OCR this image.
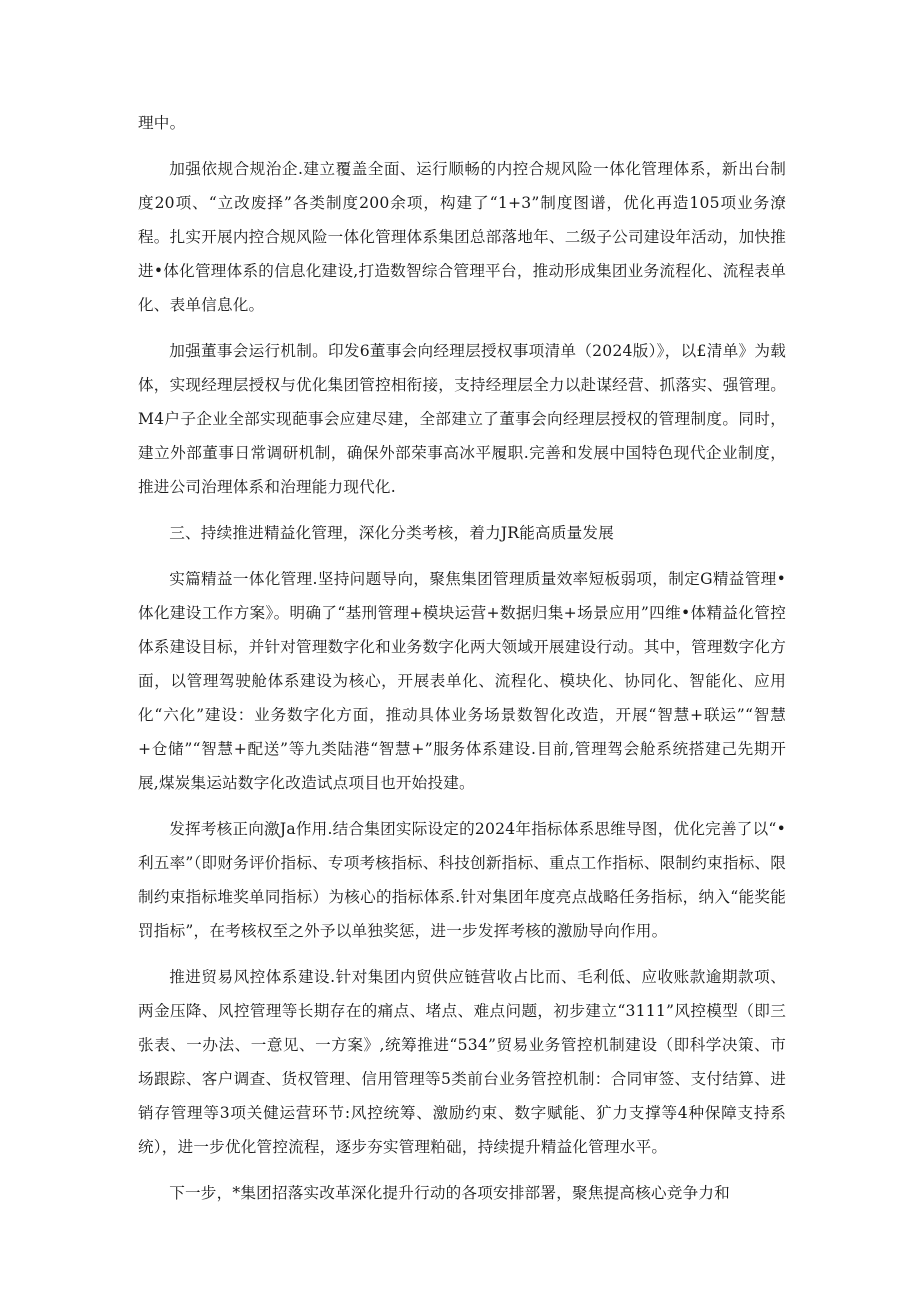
理中。

加强依规合规治企.建立覆盖全面、运行顺畅的内控合规风险一体化管理体系，新出台制度20项、“立改废择”各类制度200余项，构建了“1+3”制度图谱，优化再造105项业务潦程。扎实开展内控合规风险一体化管理体系集团总部落地年、二级子公司建设年活动，加快推进•体化管理体系的信息化建设,打造数智综合管理平台，推动形成集团业务流程化、流程表单化、表单信息化。

加强董事会运行机制。印发6董事会向经理层授权事项清单（2024版）》，以£清单》为载体，实现经理层授权与优化集团管控相衔接，支持经理层全力以赴谋经营、抓落实、强管理。M4户子企业全部实现葩事会应建尽建，全部建立了董事会向经理层授权的管理制度。同时，建立外部董事日常调研机制，确保外部荣事高冰平履职.完善和发展中国特色现代企业制度，推进公司治理体系和治理能力现代化.

三、持续推进精益化管理，深化分类考核，着力JR能高质量发展

实篇精益一体化管理.坚持问题导向，聚焦集团管理质量效率短板弱项，制定G精益管理•体化建设工作方案》。明确了“基刑管理+模块运营+数据归集+场景应用”四维•体精益化管控体系建设目标，并针对管理数字化和业务数字化两大领域开展建设行动。其中，管理数字化方面，以管理驾驶舱体系建设为核心，开展表单化、流程化、模块化、协同化、智能化、应用化“六化”建设：业务数字化方面，推动具体业务场景数智化改造，开展“智慧+联运”“智慧+仓储”“智慧+配送”等九类陆港“智慧+”服务体系建设.目前,管理驾会舱系统搭建己先期开展,煤炭集运站数字化改造试点项目也开始投建。

发挥考核正向激Ja作用.结合集团实际设定的2024年指标体系思维导图，优化完善了以“•利五率”（即财务评价指标、专项考核指标、科技创新指标、重点工作指标、限制约束指标、限制约束指标堆奖单同指标）为核心的指标体系.针对集团年度亮点战略任务指标，纳入“能奖能罚指标”，在考核权至之外予以单独奖惩，进一步发挥考核的激励导向作用。

推进贸易风控体系建设.针对集团内贸供应链营收占比而、毛利低、应收账款逾期款项、两金压降、风控管理等长期存在的痛点、堵点、难点问题，初步建立“3111”风控模型（即三张表、一办法、一意见、一方案》,统筹推进“534”贸易业务管控机制建设（即科学决策、市场跟踪、客户调查、货权管理、信用管理等5类前台业务管控机制：合同审签、支付结算、进销存管理等3项关健运营环节:风控统筹、激励约束、数字赋能、犷力支撑等4种保障支持系统），进一步优化管控流程，逐步夯实管理粕础，持续提升精益化管理水平。

下一步，*集团招落实改革深化提升行动的各项安排部署，聚焦提高核心竞争力和
